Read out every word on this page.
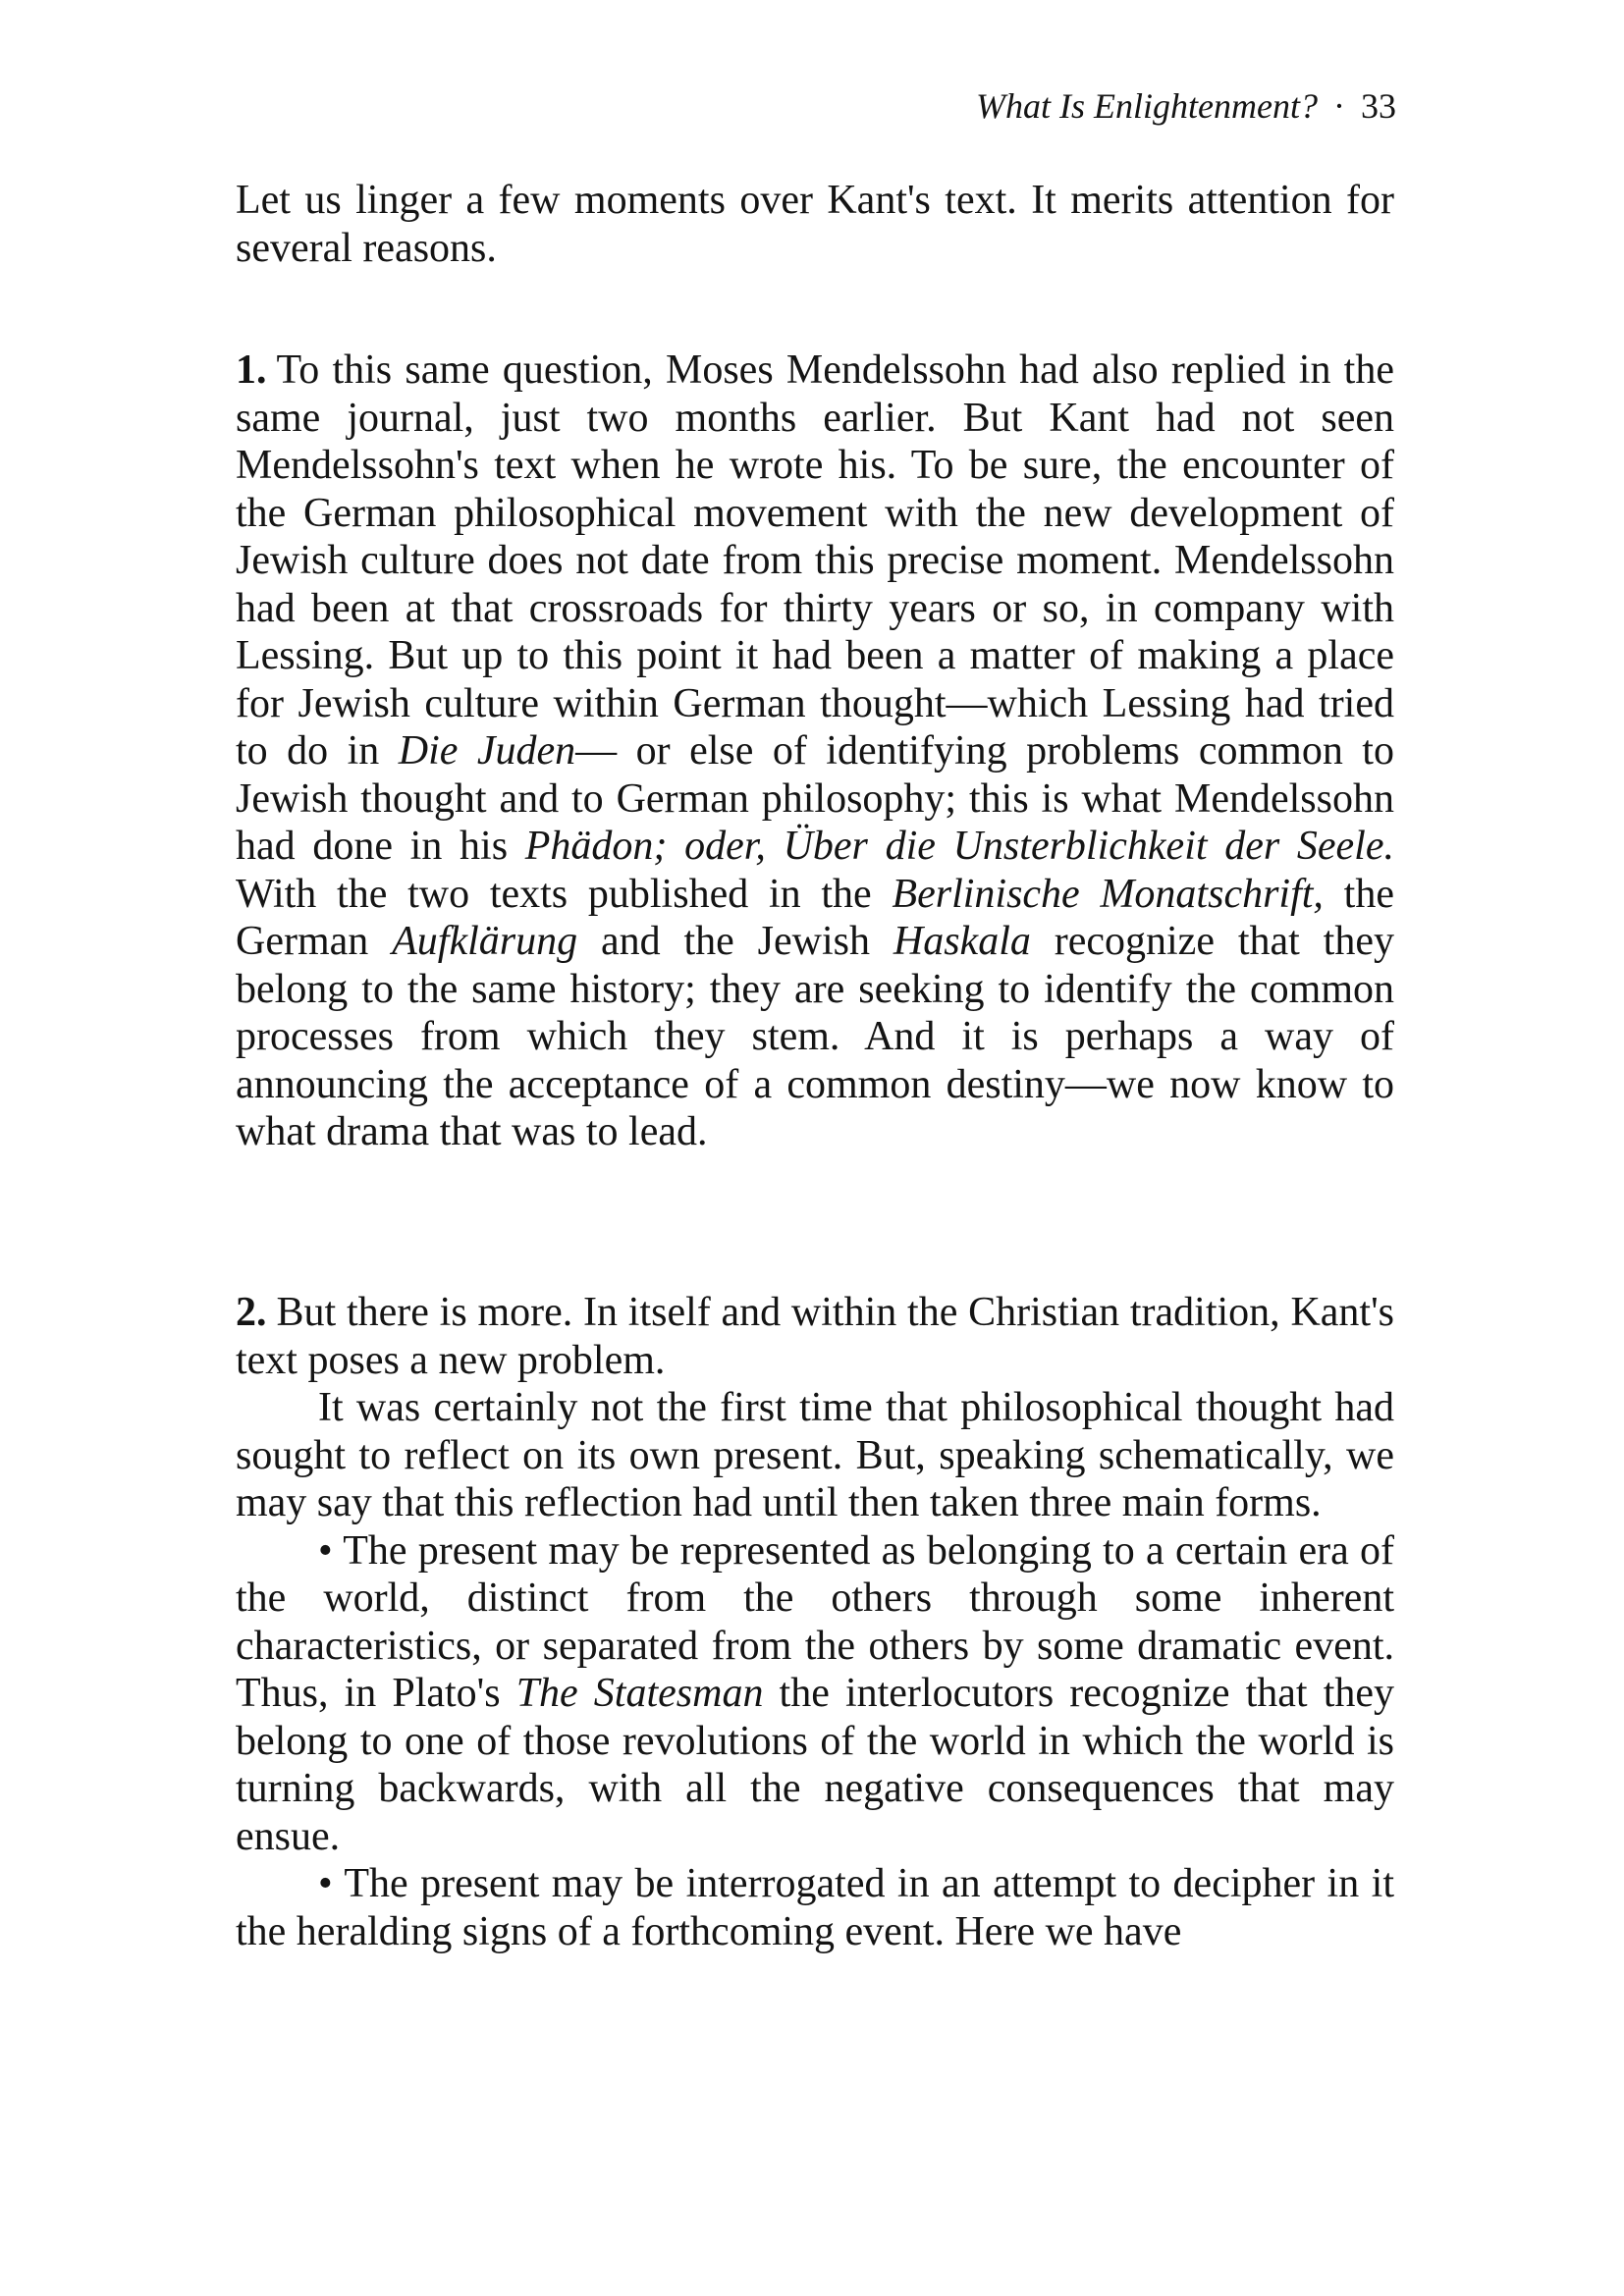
What Is Enlightenment? · 33

Let us linger a few moments over Kant's text. It merits attention for several reasons.

1. To this same question, Moses Mendelssohn had also replied in the same journal, just two months earlier. But Kant had not seen Mendelssohn's text when he wrote his. To be sure, the encounter of the German philosophical movement with the new development of Jewish culture does not date from this precise moment. Mendelssohn had been at that crossroads for thirty years or so, in company with Lessing. But up to this point it had been a matter of making a place for Jewish culture within German thought—which Lessing had tried to do in Die Juden— or else of identifying problems common to Jewish thought and to German philosophy; this is what Mendelssohn had done in his Phädon; oder, Über die Unsterblichkeit der Seele. With the two texts published in the Berlinische Monatschrift, the German Aufklärung and the Jewish Haskala recognize that they belong to the same history; they are seeking to identify the common processes from which they stem. And it is perhaps a way of announcing the acceptance of a common destiny—we now know to what drama that was to lead.

2. But there is more. In itself and within the Christian tradition, Kant's text poses a new problem.

It was certainly not the first time that philosophical thought had sought to reflect on its own present. But, speaking schematically, we may say that this reflection had until then taken three main forms.

• The present may be represented as belonging to a certain era of the world, distinct from the others through some inherent characteristics, or separated from the others by some dramatic event. Thus, in Plato's The Statesman the interlocutors recognize that they belong to one of those revolutions of the world in which the world is turning backwards, with all the negative consequences that may ensue.

• The present may be interrogated in an attempt to decipher in it the heralding signs of a forthcoming event. Here we have
